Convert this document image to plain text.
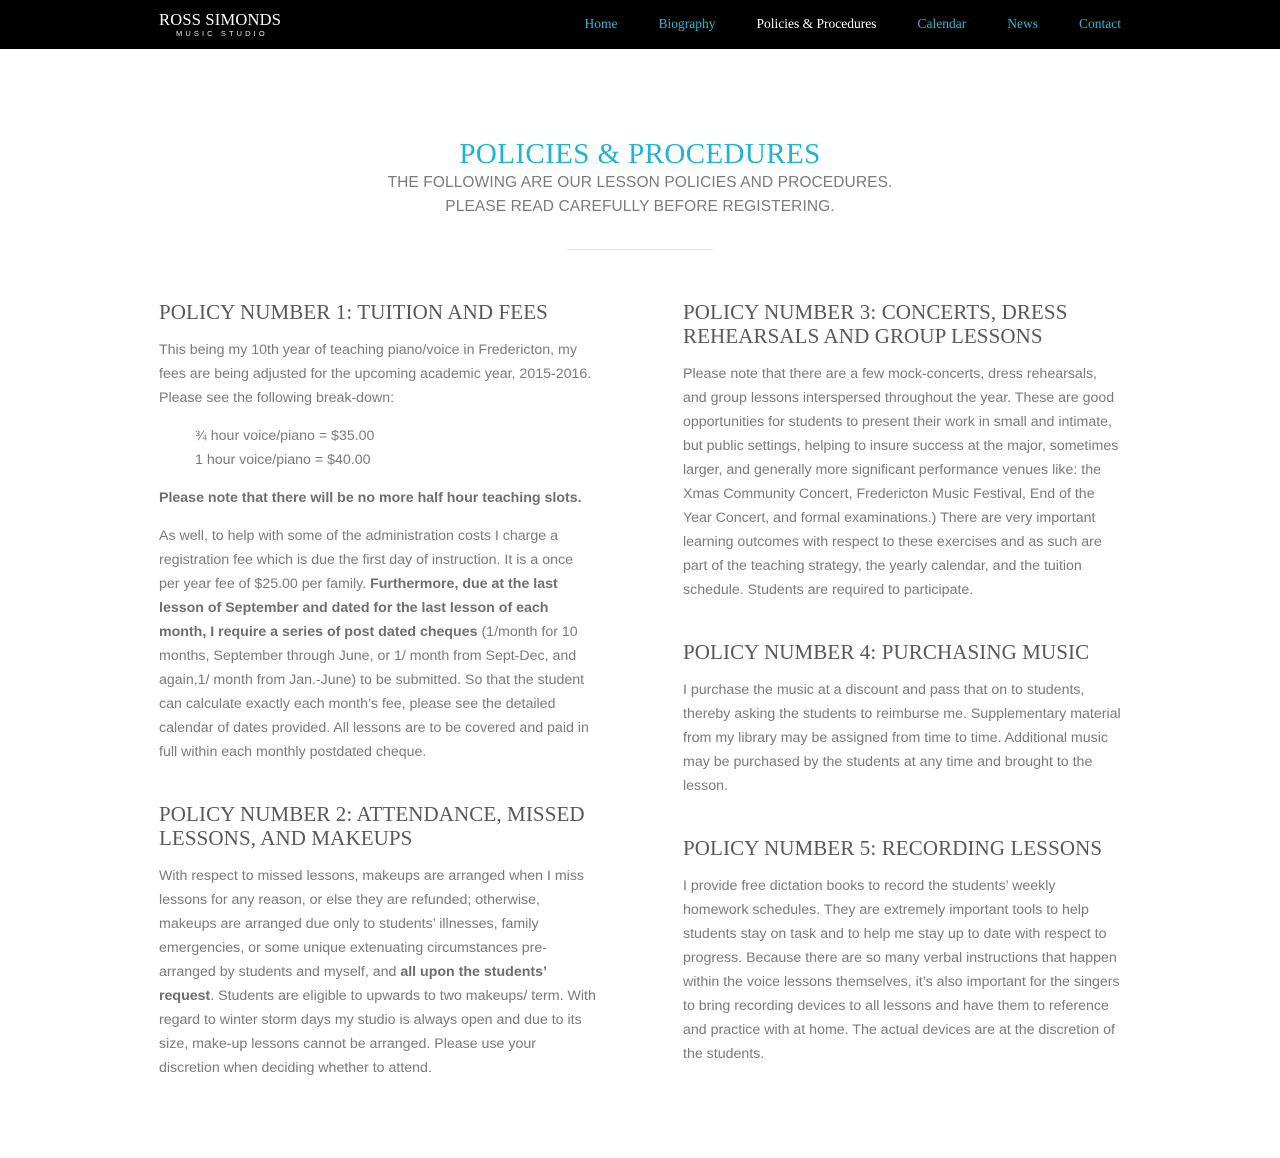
ROSS SIMONDS
MUSIC STUDIO
Home	Biography	Policies & Procedures	Calendar	News	Contact
POLICIES & PROCEDURES
THE FOLLOWING ARE OUR LESSON POLICIES AND PROCEDURES.
PLEASE READ CAREFULLY BEFORE REGISTERING.
POLICY NUMBER 1: TUITION AND FEES

This being my 10th year of teaching piano/voice in Fredericton, my fees are being adjusted for the upcoming academic year, 2015-2016. Please see the following break-down:

¾ hour voice/piano = $35.00
1 hour voice/piano = $40.00

Please note that there will be no more half hour teaching slots.

As well, to help with some of the administration costs I charge a registration fee which is due the first day of instruction. It is a once per year fee of $25.00 per family. Furthermore, due at the last lesson of September and dated for the last lesson of each month, I require a series of post dated cheques (1/month for 10 months, September through June, or 1/ month from Sept-Dec, and again,1/ month from Jan.-June) to be submitted. So that the student can calculate exactly each month’s fee, please see the detailed calendar of dates provided. All lessons are to be covered and paid in full within each monthly postdated cheque.

POLICY NUMBER 2: ATTENDANCE, MISSED LESSONS, AND MAKEUPS

With respect to missed lessons, makeups are arranged when I miss lessons for any reason, or else they are refunded; otherwise, makeups are arranged due only to students’ illnesses, family emergencies, or some unique extenuating circumstances pre-arranged by students and myself, and all upon the students’ request. Students are eligible to upwards to two makeups/ term. With regard to winter storm days my studio is always open and due to its size, make-up lessons cannot be arranged. Please use your discretion when deciding whether to attend.

POLICY NUMBER 3: CONCERTS, DRESS REHEARSALS AND GROUP LESSONS

Please note that there are a few mock-concerts, dress rehearsals, and group lessons interspersed throughout the year. These are good opportunities for students to present their work in small and intimate, but public settings, helping to insure success at the major, sometimes larger, and generally more significant performance venues like: the Xmas Community Concert, Fredericton Music Festival, End of the Year Concert, and formal examinations.) There are very important learning outcomes with respect to these exercises and as such are part of the teaching strategy, the yearly calendar, and the tuition schedule. Students are required to participate.

POLICY NUMBER 4: PURCHASING MUSIC

I purchase the music at a discount and pass that on to students, thereby asking the students to reimburse me. Supplementary material from my library may be assigned from time to time. Additional music may be purchased by the students at any time and brought to the lesson.

POLICY NUMBER 5: RECORDING LESSONS

I provide free dictation books to record the students’ weekly homework schedules. They are extremely important tools to help students stay on task and to help me stay up to date with respect to progress. Because there are so many verbal instructions that happen within the voice lessons themselves, it’s also important for the singers to bring recording devices to all lessons and have them to reference and practice with at home. The actual devices are at the discretion of the students.
